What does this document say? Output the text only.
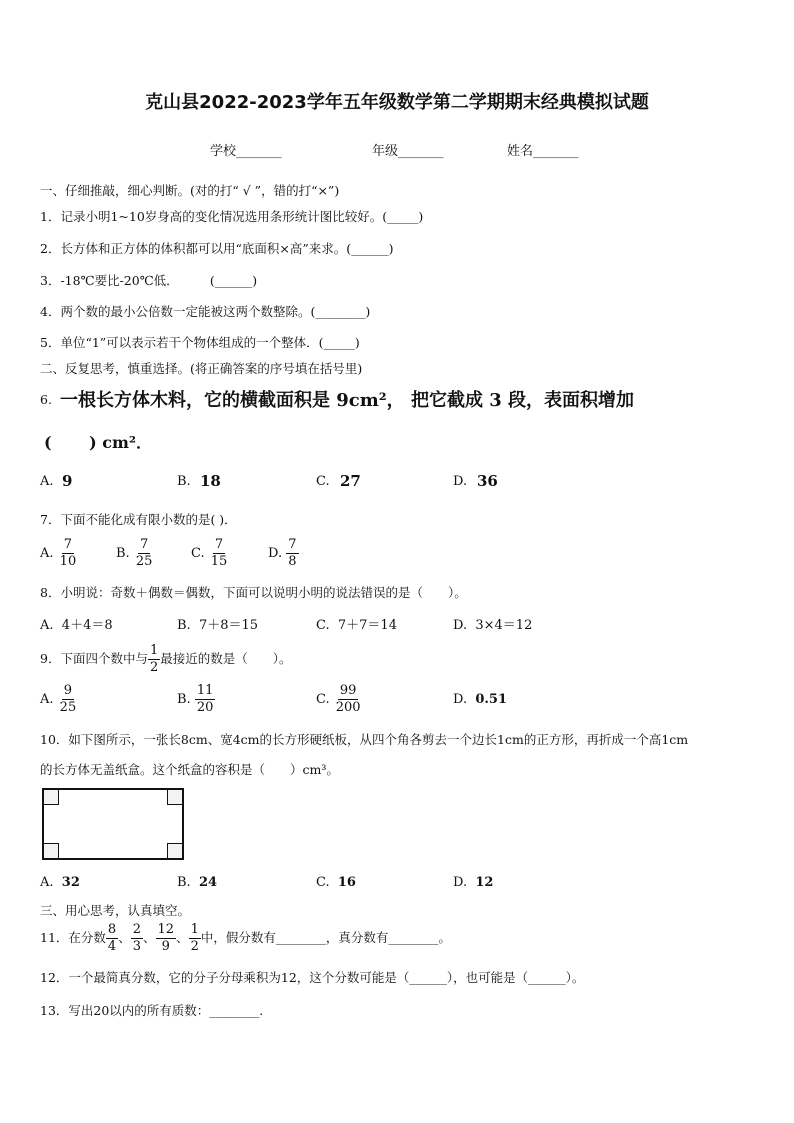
克山县2022-2023学年五年级数学第二学期期末经典模拟试题
学校_______	年级_______	姓名_______
一、仔细推敲，细心判断。(对的打“ √ ”，错的打“×”)
1．记录小明1~10岁身高的变化情况选用条形统计图比较好。(_____)
2．长方体和正方体的体积都可以用“底面积×高”来求。(______)
3．-18℃要比-20℃低．　　　(______)
4．两个数的最小公倍数一定能被这两个数整除。(________)
5．单位“1”可以表示若干个物体组成的一个整体．(_____)
二、反复思考，慎重选择。(将正确答案的序号填在括号里)
6. 一根长方体木料，它的横截面积是 9cm²， 把它截成 3 段，表面积增加
(　　 ) cm²．
A. 9	B. 18	C. 27	D. 36
7．下面不能化成有限小数的是( )．
A. $\frac{7}{10}$	B. $\frac{7}{25}$	C. $\frac{7}{15}$	D. $\frac{7}{8}$
8．小明说：奇数＋偶数＝偶数，下面可以说明小明的说法错误的是（　　）。
A. 4＋4＝8	B. 7＋8＝15	C. 7＋7＝14	D. 3×4＝12
9．下面四个数中与 $\frac{1}{2}$ 最接近的数是（　　）。
A. $\frac{9}{25}$	B. $\frac{11}{20}$	C. $\frac{99}{200}$	D. 0.51
10．如下图所示，一张长8cm、宽4cm的长方形硬纸板，从四个角各剪去一个边长1cm的正方形，再折成一个高1cm
的长方体无盖纸盒。这个纸盒的容积是（　　）cm³。
A. 32	B. 24	C. 16	D. 12
三、用心思考，认真填空。
11．在分数 $\frac{8}{4}$ 、 $\frac{2}{3}$ 、 $\frac{12}{9}$ 、 $\frac{1}{2}$ 中，假分数有________，真分数有________。
12．一个最简真分数，它的分子分母乘积为12，这个分数可能是（______），也可能是（______）。
13．写出20以内的所有质数：________.
